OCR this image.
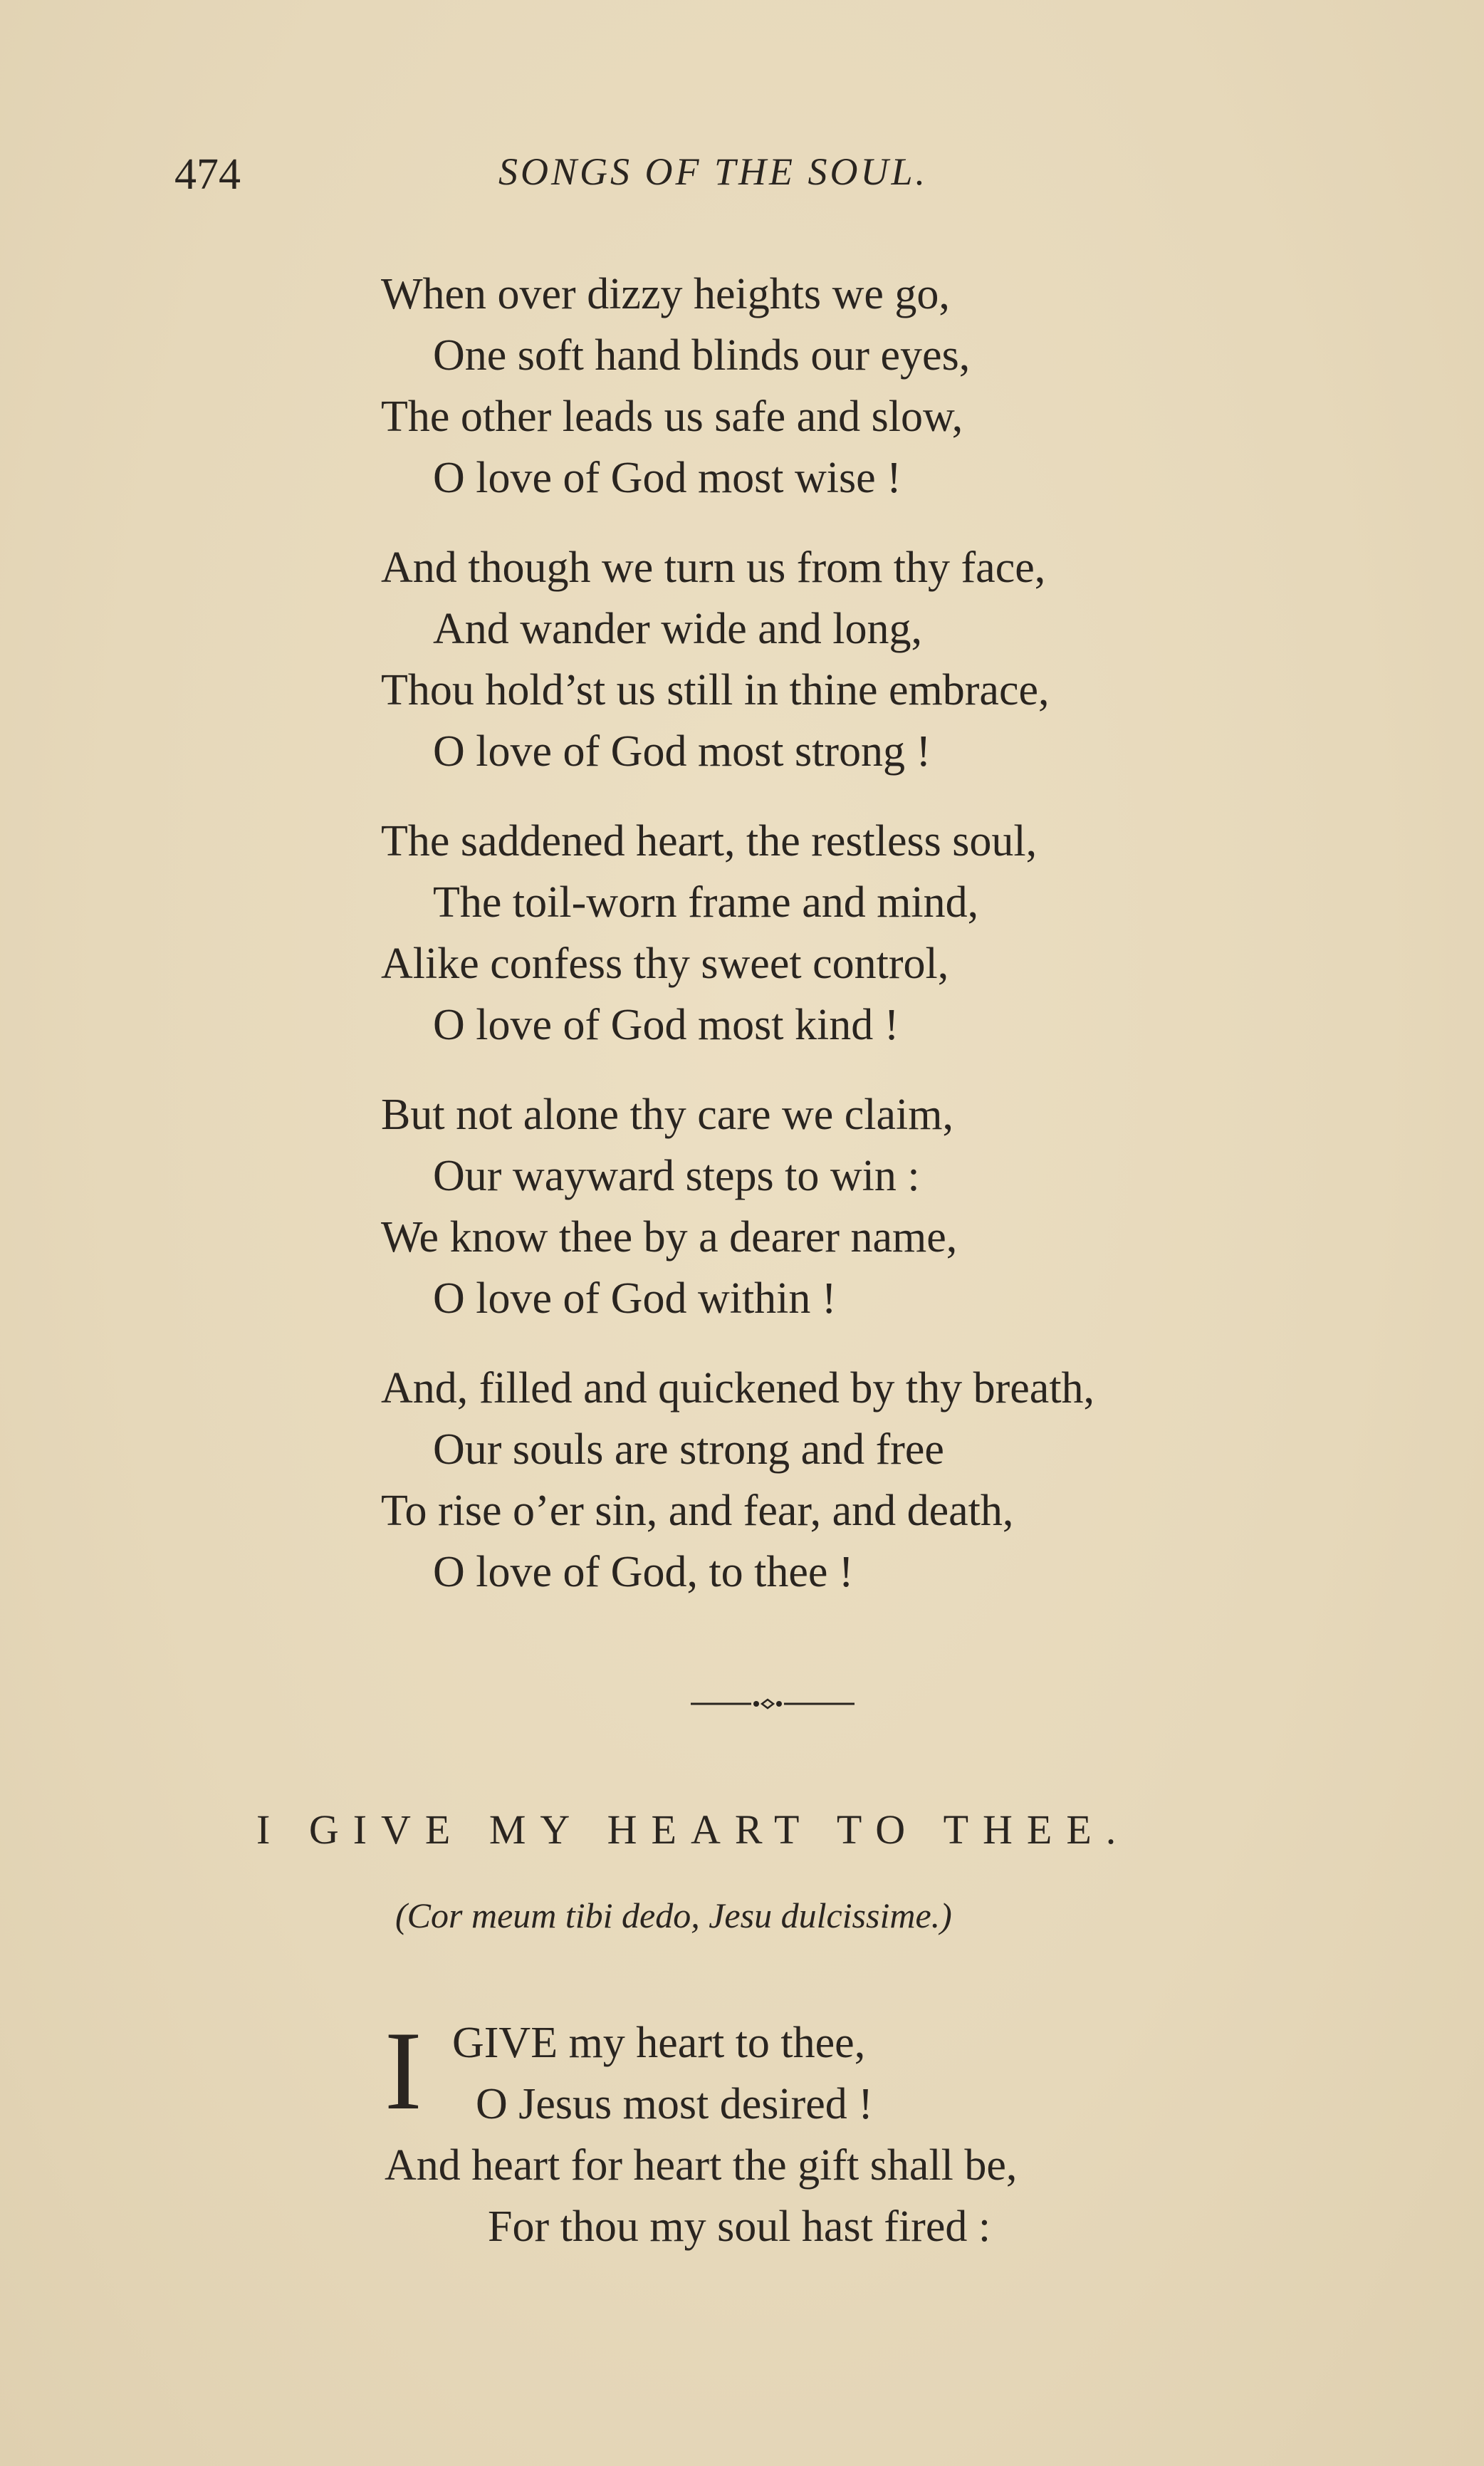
474	SONGS OF THE SOUL.
When over dizzy heights we go,
One soft hand blinds our eyes,
The other leads us safe and slow,
O love of God most wise !
And though we turn us from thy face,
And wander wide and long,
Thou hold’st us still in thine embrace,
O love of God most strong !
The saddened heart, the restless soul,
The toil-worn frame and mind,
Alike confess thy sweet control,
O love of God most kind !
But not alone thy care we claim,
Our wayward steps to win :
We know thee by a dearer name,
O love of God within !
And, filled and quickened by thy breath,
Our souls are strong and free
To rise o’er sin, and fear, and death,
O love of God, to thee !
I GIVE MY HEART TO THEE.
(Cor meum tibi dedo, Jesu dulcissime.)
I GIVE my heart to thee,
O Jesus most desired !
And heart for heart the gift shall be,
For thou my soul hast fired :
